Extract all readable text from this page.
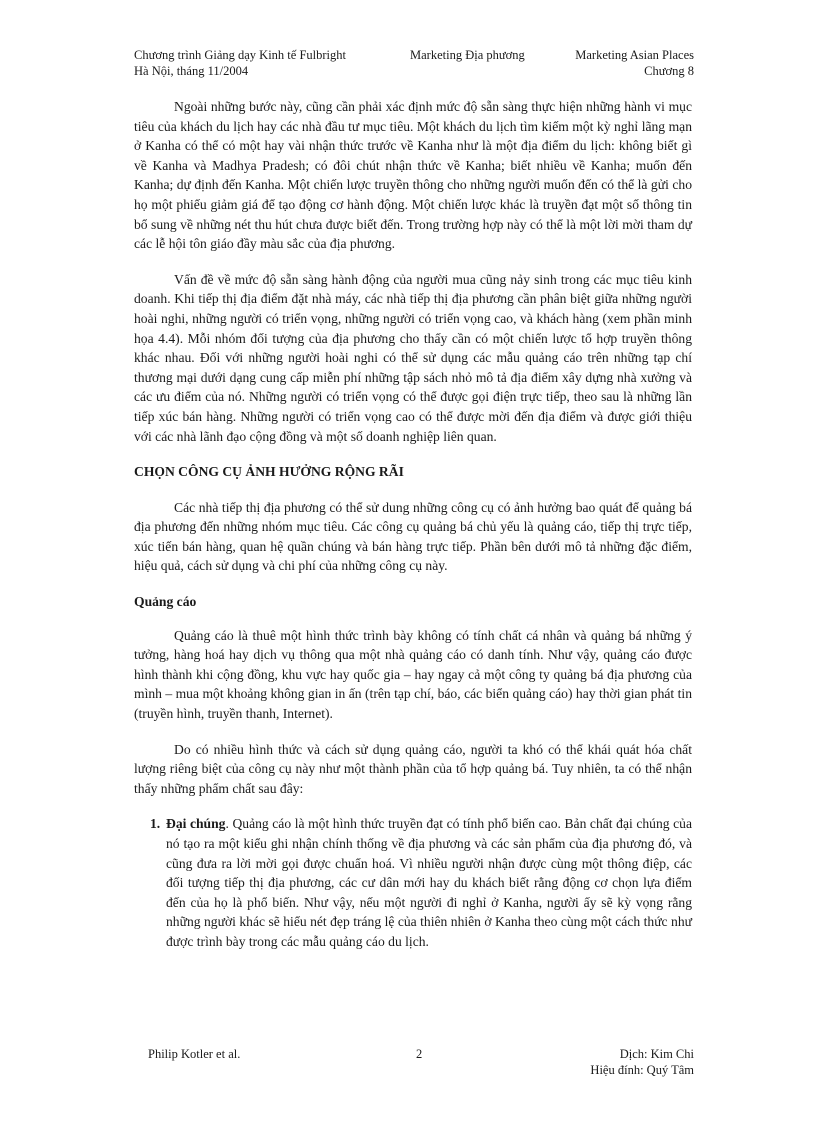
Chương trình Giảng dạy Kinh tế Fulbright
Hà Nội, tháng 11/2004
Marketing Địa phương	Marketing Asian Places
Chương 8

Ngoài những bước này, cũng cần phải xác định mức độ sẵn sàng thực hiện những hành vi mục tiêu của khách du lịch hay các nhà đầu tư mục tiêu. Một khách du lịch tìm kiếm một kỳ nghỉ lãng mạn ở Kanha có thể có một hay vài nhận thức trước về Kanha như là một địa điểm du lịch: không biết gì về Kanha và Madhya Pradesh; có đôi chút nhận thức về Kanha; biết nhiều về Kanha; muốn đến Kanha; dự định đến Kanha. Một chiến lược truyền thông cho những người muốn đến có thể là gửi cho họ một phiếu giảm giá để tạo động cơ hành động. Một chiến lược khác là truyền đạt một số thông tin bổ sung về những nét thu hút chưa được biết đến. Trong trường hợp này có thể là một lời mời tham dự các lễ hội tôn giáo đầy màu sắc của địa phương.

Vấn đề về mức độ sẵn sàng hành động của người mua cũng nảy sinh trong các mục tiêu kinh doanh. Khi tiếp thị địa điểm đặt nhà máy, các nhà tiếp thị địa phương cần phân biệt giữa những người hoài nghi, những người có triển vọng, những người có triển vọng cao, và khách hàng (xem phần minh họa 4.4). Mỗi nhóm đối tượng của địa phương cho thấy cần có một chiến lược tổ hợp truyền thông khác nhau. Đối với những người hoài nghi có thể sử dụng các mẫu quảng cáo trên những tạp chí thương mại dưới dạng cung cấp miễn phí những tập sách nhỏ mô tả địa điểm xây dựng nhà xưởng và các ưu điểm của nó. Những người có triển vọng có thể được gọi điện trực tiếp, theo sau là những lần tiếp xúc bán hàng. Những người có triển vọng cao có thể được mời đến địa điểm và được giới thiệu với các nhà lãnh đạo cộng đồng và một số doanh nghiệp liên quan.

CHỌN CÔNG CỤ ẢNH HƯỞNG RỘNG RÃI

Các nhà tiếp thị địa phương có thể sử dung những công cụ có ảnh hưởng bao quát để quảng bá địa phương đến những nhóm mục tiêu. Các công cụ quảng bá chủ yếu là quảng cáo, tiếp thị trực tiếp, xúc tiến bán hàng, quan hệ quần chúng và bán hàng trực tiếp. Phần bên dưới mô tả những đặc điểm, hiệu quả, cách sử dụng và chi phí của những công cụ này.

Quảng cáo

Quảng cáo là thuê một hình thức trình bày không có tính chất cá nhân và quảng bá những ý tưởng, hàng hoá hay dịch vụ thông qua một nhà quảng cáo có danh tính. Như vậy, quảng cáo được hình thành khi cộng đồng, khu vực hay quốc gia – hay ngay cả một công ty quảng bá địa phương của mình – mua một khoảng không gian in ấn (trên tạp chí, báo, các biển quảng cáo) hay thời gian phát tin (truyền hình, truyền thanh, Internet).

Do có nhiều hình thức và cách sử dụng quảng cáo, người ta khó có thể khái quát hóa chất lượng riêng biệt của công cụ này như một thành phần của tổ hợp quảng bá. Tuy nhiên, ta có thể nhận thấy những phẩm chất sau đây:

1. Đại chúng. Quảng cáo là một hình thức truyền đạt có tính phổ biến cao. Bản chất đại chúng của nó tạo ra một kiểu ghi nhận chính thống về địa phương và các sản phẩm của địa phương đó, và cũng đưa ra lời mời gọi được chuẩn hoá. Vì nhiều người nhận được cùng một thông điệp, các đối tượng tiếp thị địa phương, các cư dân mới hay du khách biết rằng động cơ chọn lựa điểm đến của họ là phổ biến. Như vậy, nếu một người đi nghỉ ở Kanha, người ấy sẽ kỳ vọng rằng những người khác sẽ hiểu nét đẹp tráng lệ của thiên nhiên ở Kanha theo cùng một cách thức như được trình bày trong các mẫu quảng cáo du lịch.
Philip Kotler et al.	2	Dịch: Kim Chi
Hiệu đính: Quý Tâm
